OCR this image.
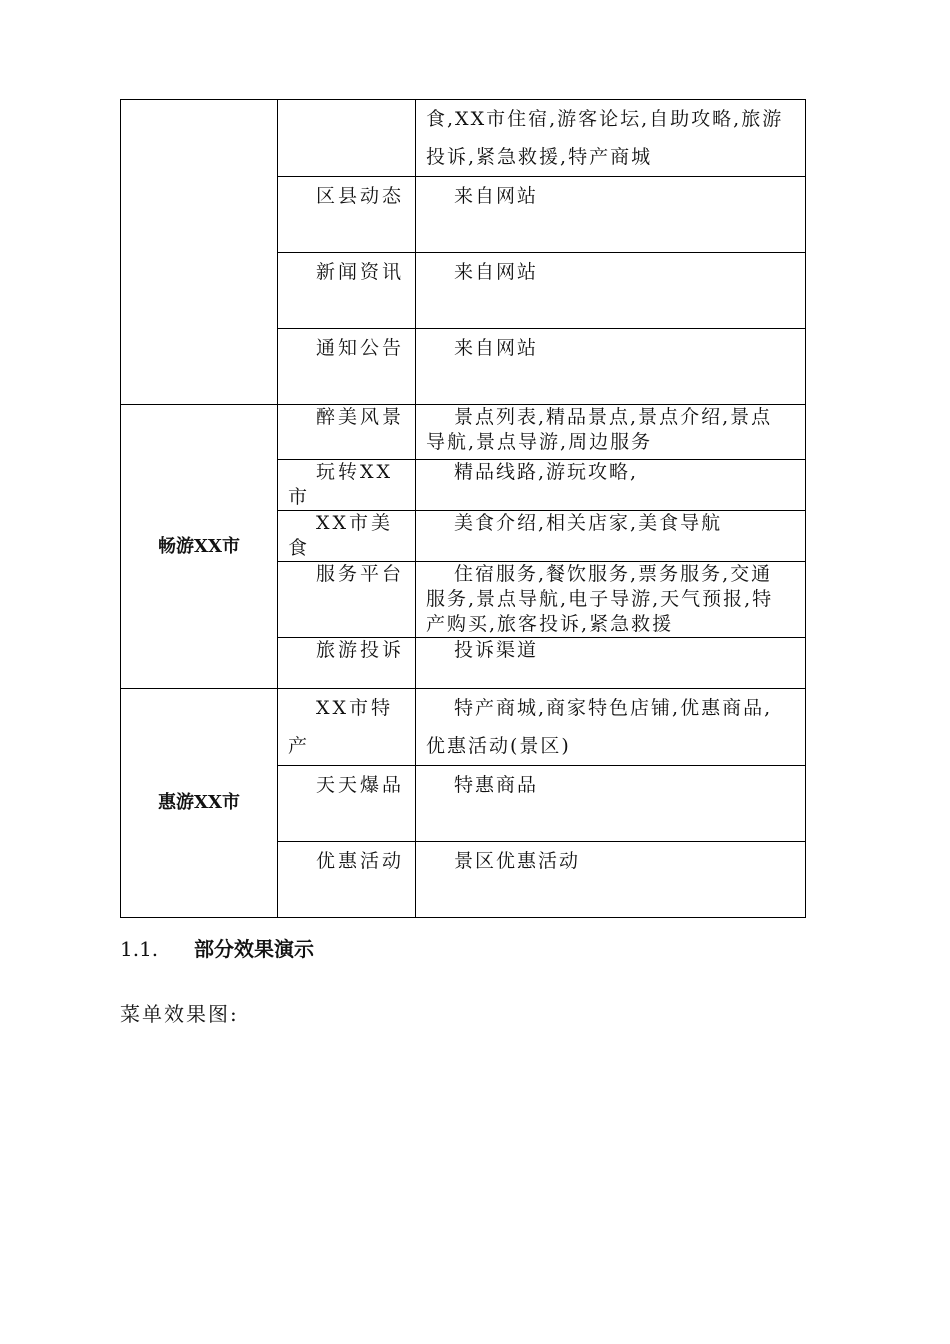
		食,XX市住宿,游客论坛,自助攻略,旅游投诉,紧急救援,特产商城
	区县动态	来自网站
	新闻资讯	来自网站
	通知公告	来自网站
畅游XX市	醉美风景	景点列表,精品景点,景点介绍,景点导航,景点导游,周边服务
	玩转XX市	精品线路,游玩攻略,
	XX市美食	美食介绍,相关店家,美食导航
	服务平台	住宿服务,餐饮服务,票务服务,交通服务,景点导航,电子导游,天气预报,特产购买,旅客投诉,紧急救援
	旅游投诉	投诉渠道
惠游XX市	XX市特产	特产商城,商家特色店铺,优惠商品,优惠活动(景区)
	天天爆品	特惠商品
	优惠活动	景区优惠活动
1.1. 部分效果演示
菜单效果图:
